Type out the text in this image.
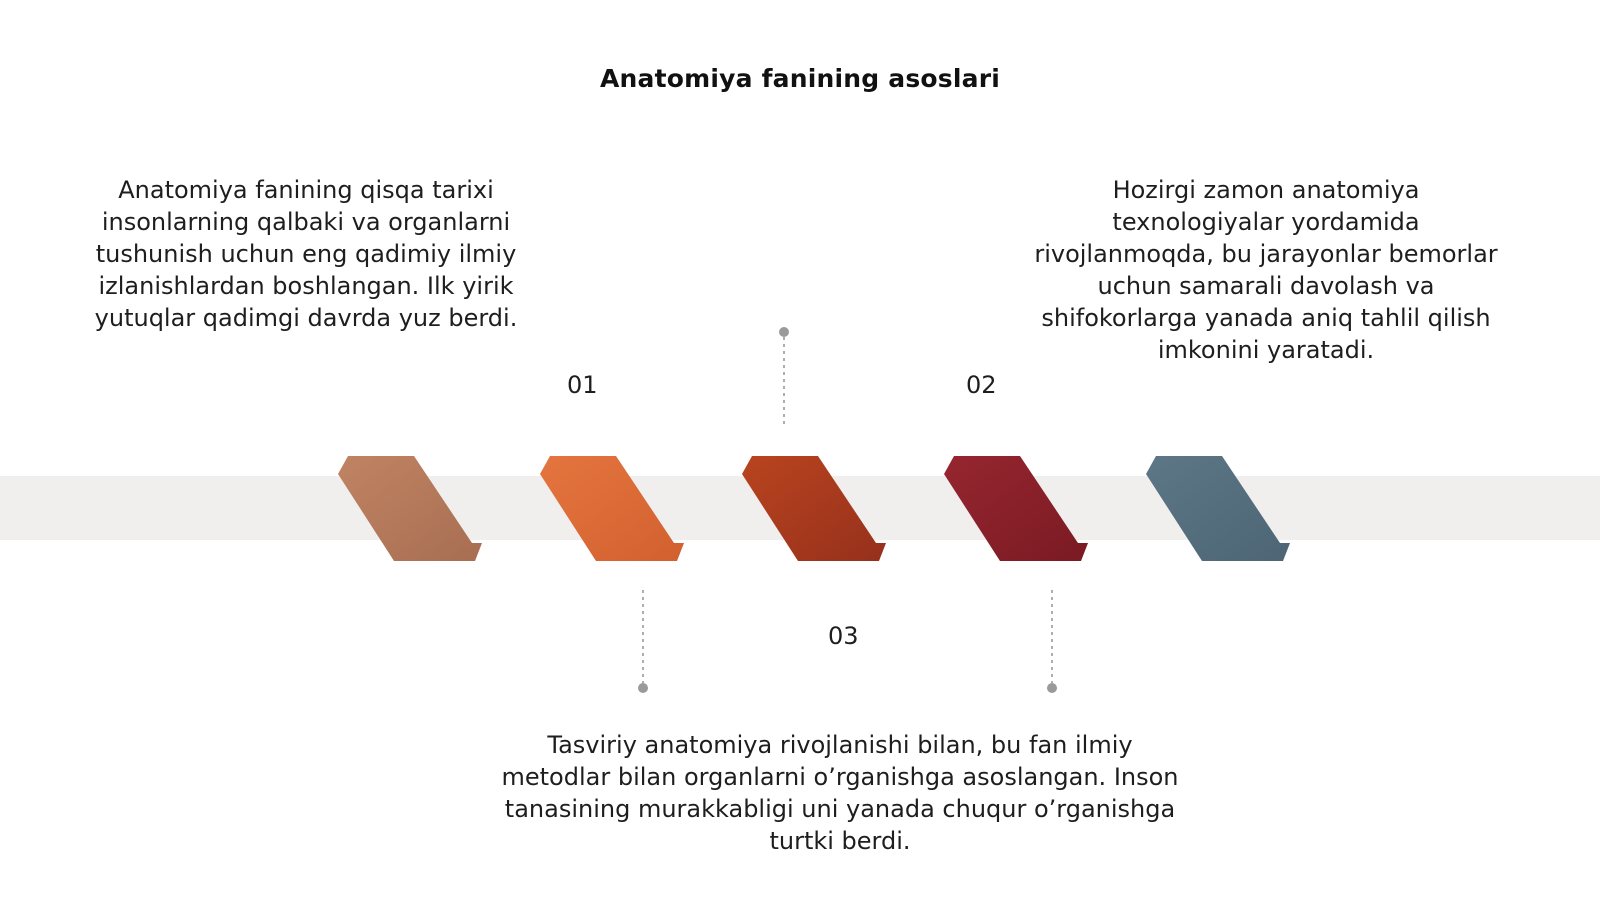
Anatomiya fanining asoslari
Anatomiya fanining qisqa tarixi insonlarning qalbaki va organlarni tushunish uchun eng qadimiy ilmiy izlanishlardan boshlangan. Ilk yirik yutuqlar qadimgi davrda yuz berdi.
Hozirgi zamon anatomiya texnologiyalar yordamida rivojlanmoqda, bu jarayonlar bemorlar uchun samarali davolash va shifokorlarga yanada aniq tahlil qilish imkonini yaratadi.
Tasviriy anatomiya rivojlanishi bilan, bu fan ilmiy metodlar bilan organlarni o’rganishga asoslangan. Inson tanasining murakkabligi uni yanada chuqur o’rganishga turtki berdi.
01	02
03
